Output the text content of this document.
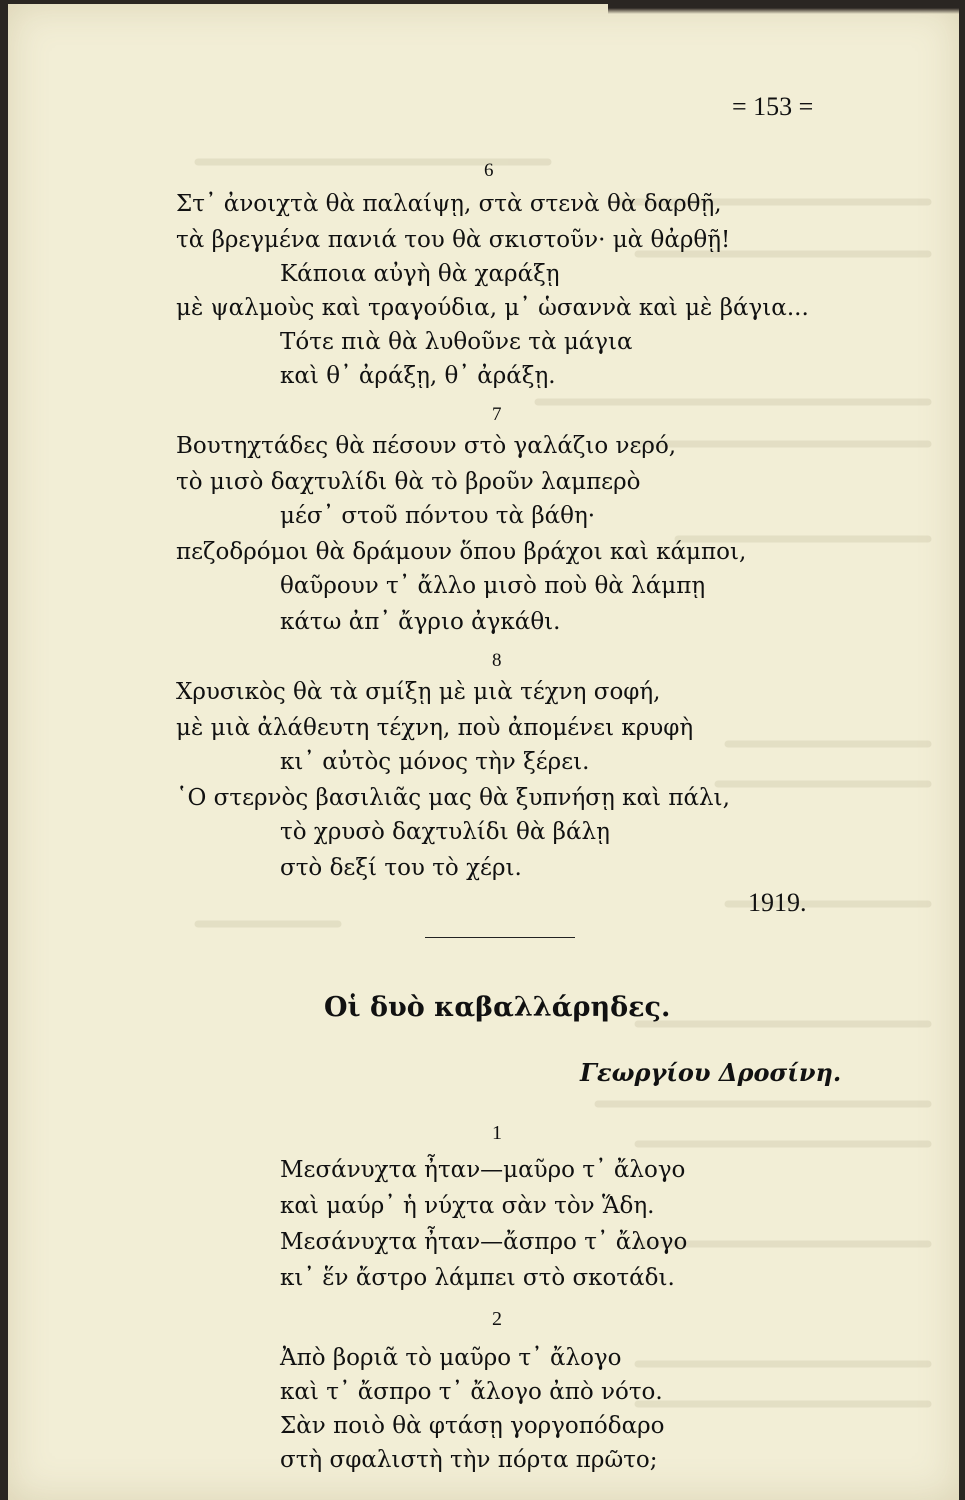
= 153 =
6
Στ᾿ ἀνοιχτὰ θὰ παλαίψῃ, στὰ στενὰ θὰ δαρθῇ,
τὰ βρεγμένα πανιά του θὰ σκιστοῦν· μὰ θἀρθῇ!
Κάποια αὐγὴ θὰ χαράξῃ
μὲ ψαλμοὺς καὶ τραγούδια, μ᾿ ὡσαννὰ καὶ μὲ βάγια...
Τότε πιὰ θὰ λυθοῦνε τὰ μάγια
καὶ θ᾿ ἀράξῃ, θ᾿ ἀράξῃ.
7
Βουτηχτάδες θὰ πέσουν στὸ γαλάζιο νερό,
τὸ μισὸ δαχτυλίδι θὰ τὸ βροῦν λαμπερὸ
μέσ᾿ στοῦ πόντου τὰ βάθη·
πεζοδρόμοι θὰ δράμουν ὅπου βράχοι καὶ κάμποι,
θαῦρουν τ᾿ ἄλλο μισὸ ποὺ θὰ λάμπῃ
κάτω ἀπ᾿ ἄγριο ἀγκάθι.
8
Χρυσικὸς θὰ τὰ σμίξῃ μὲ μιὰ τέχνη σοφή,
μὲ μιὰ ἀλάθευτη τέχνη, ποὺ ἀπομένει κρυφὴ
κι᾿ αὐτὸς μόνος τὴν ξέρει.
῾Ο στερνὸς βασιλιᾶς μας θὰ ξυπνήσῃ καὶ πάλι,
τὸ χρυσὸ δαχτυλίδι θὰ βάλῃ
στὸ δεξί του τὸ χέρι.
1919.
Οἱ δυὸ καβαλλάρηδες.
Γεωργίου Δροσίνη.
1
Μεσάνυχτα ἦταν—μαῦρο τ᾿ ἄλογο
καὶ μαύρ᾿ ἡ νύχτα σὰν τὸν Ἅδη.
Μεσάνυχτα ἦταν—ἄσπρο τ᾿ ἄλογο
κι᾿ ἕν ἄστρο λάμπει στὸ σκοτάδι.
2
Ἀπὸ βοριᾶ τὸ μαῦρο τ᾿ ἄλογο
καὶ τ᾿ ἄσπρο τ᾿ ἄλογο ἀπὸ νότο.
Σὰν ποιὸ θὰ φτάσῃ γοργοπόδαρο
στὴ σφαλιστὴ τὴν πόρτα πρῶτο;
